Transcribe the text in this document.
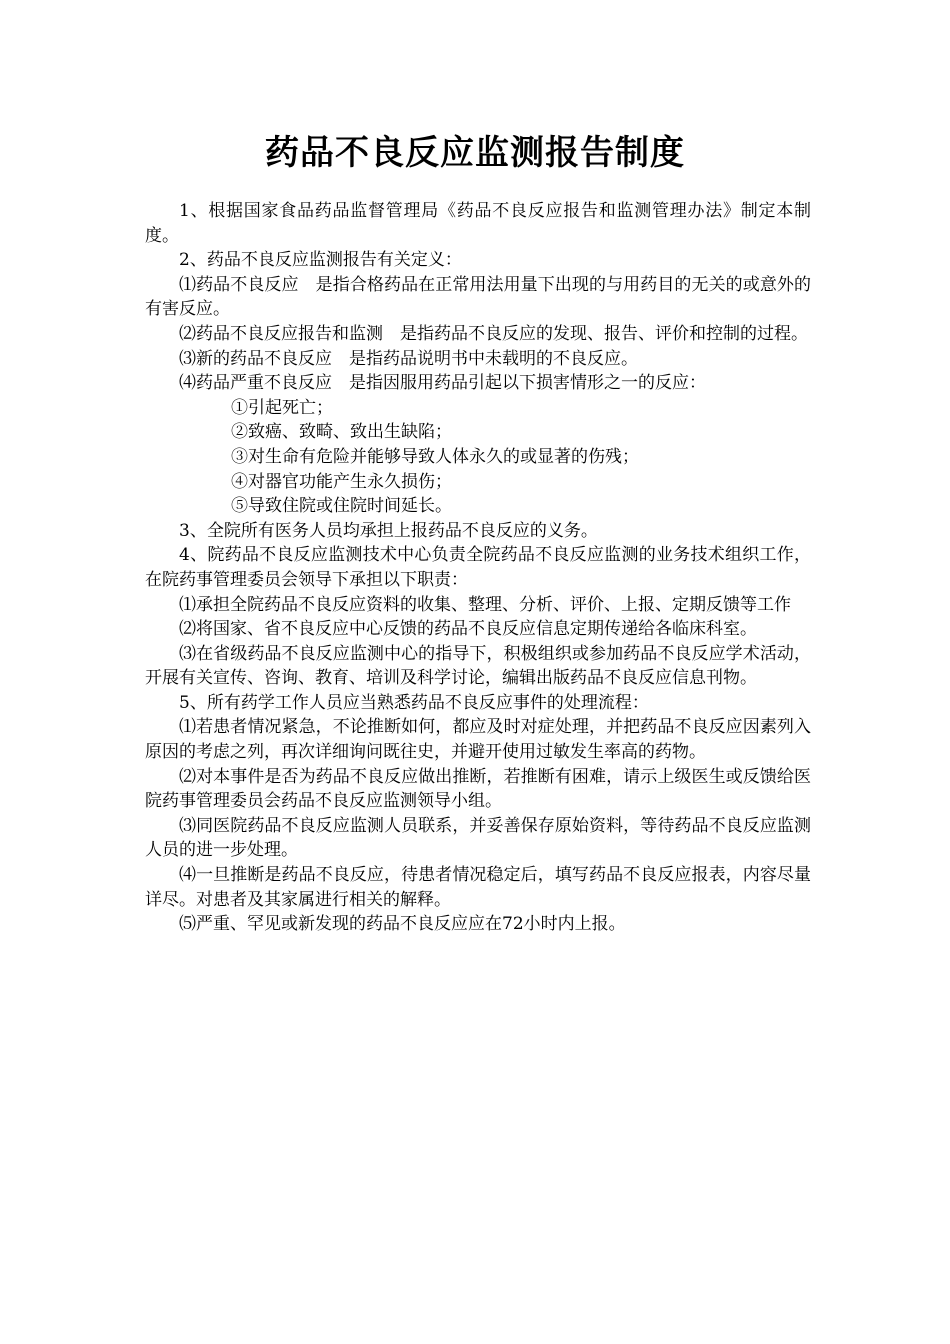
药品不良反应监测报告制度

1、根据国家食品药品监督管理局《药品不良反应报告和监测管理办法》制定本制度。

2、药品不良反应监测报告有关定义：

⑴药品不良反应　是指合格药品在正常用法用量下出现的与用药目的无关的或意外的有害反应。

⑵药品不良反应报告和监测　是指药品不良反应的发现、报告、评价和控制的过程。

⑶新的药品不良反应　是指药品说明书中未载明的不良反应。

⑷药品严重不良反应　是指因服用药品引起以下损害情形之一的反应：

①引起死亡；

②致癌、致畸、致出生缺陷；

③对生命有危险并能够导致人体永久的或显著的伤残；

④对器官功能产生永久损伤；

⑤导致住院或住院时间延长。

3、全院所有医务人员均承担上报药品不良反应的义务。

4、院药品不良反应监测技术中心负责全院药品不良反应监测的业务技术组织工作，在院药事管理委员会领导下承担以下职责：

⑴承担全院药品不良反应资料的收集、整理、分析、评价、上报、定期反馈等工作

⑵将国家、省不良反应中心反馈的药品不良反应信息定期传递给各临床科室。

⑶在省级药品不良反应监测中心的指导下，积极组织或参加药品不良反应学术活动，开展有关宣传、咨询、教育、培训及科学讨论，编辑出版药品不良反应信息刊物。

5、所有药学工作人员应当熟悉药品不良反应事件的处理流程：

⑴若患者情况紧急，不论推断如何，都应及时对症处理，并把药品不良反应因素列入原因的考虑之列，再次详细询问既往史，并避开使用过敏发生率高的药物。

⑵对本事件是否为药品不良反应做出推断，若推断有困难，请示上级医生或反馈给医院药事管理委员会药品不良反应监测领导小组。

⑶同医院药品不良反应监测人员联系，并妥善保存原始资料，等待药品不良反应监测人员的进一步处理。

⑷一旦推断是药品不良反应，待患者情况稳定后，填写药品不良反应报表，内容尽量详尽。对患者及其家属进行相关的解释。

⑸严重、罕见或新发现的药品不良反应应在72小时内上报。
